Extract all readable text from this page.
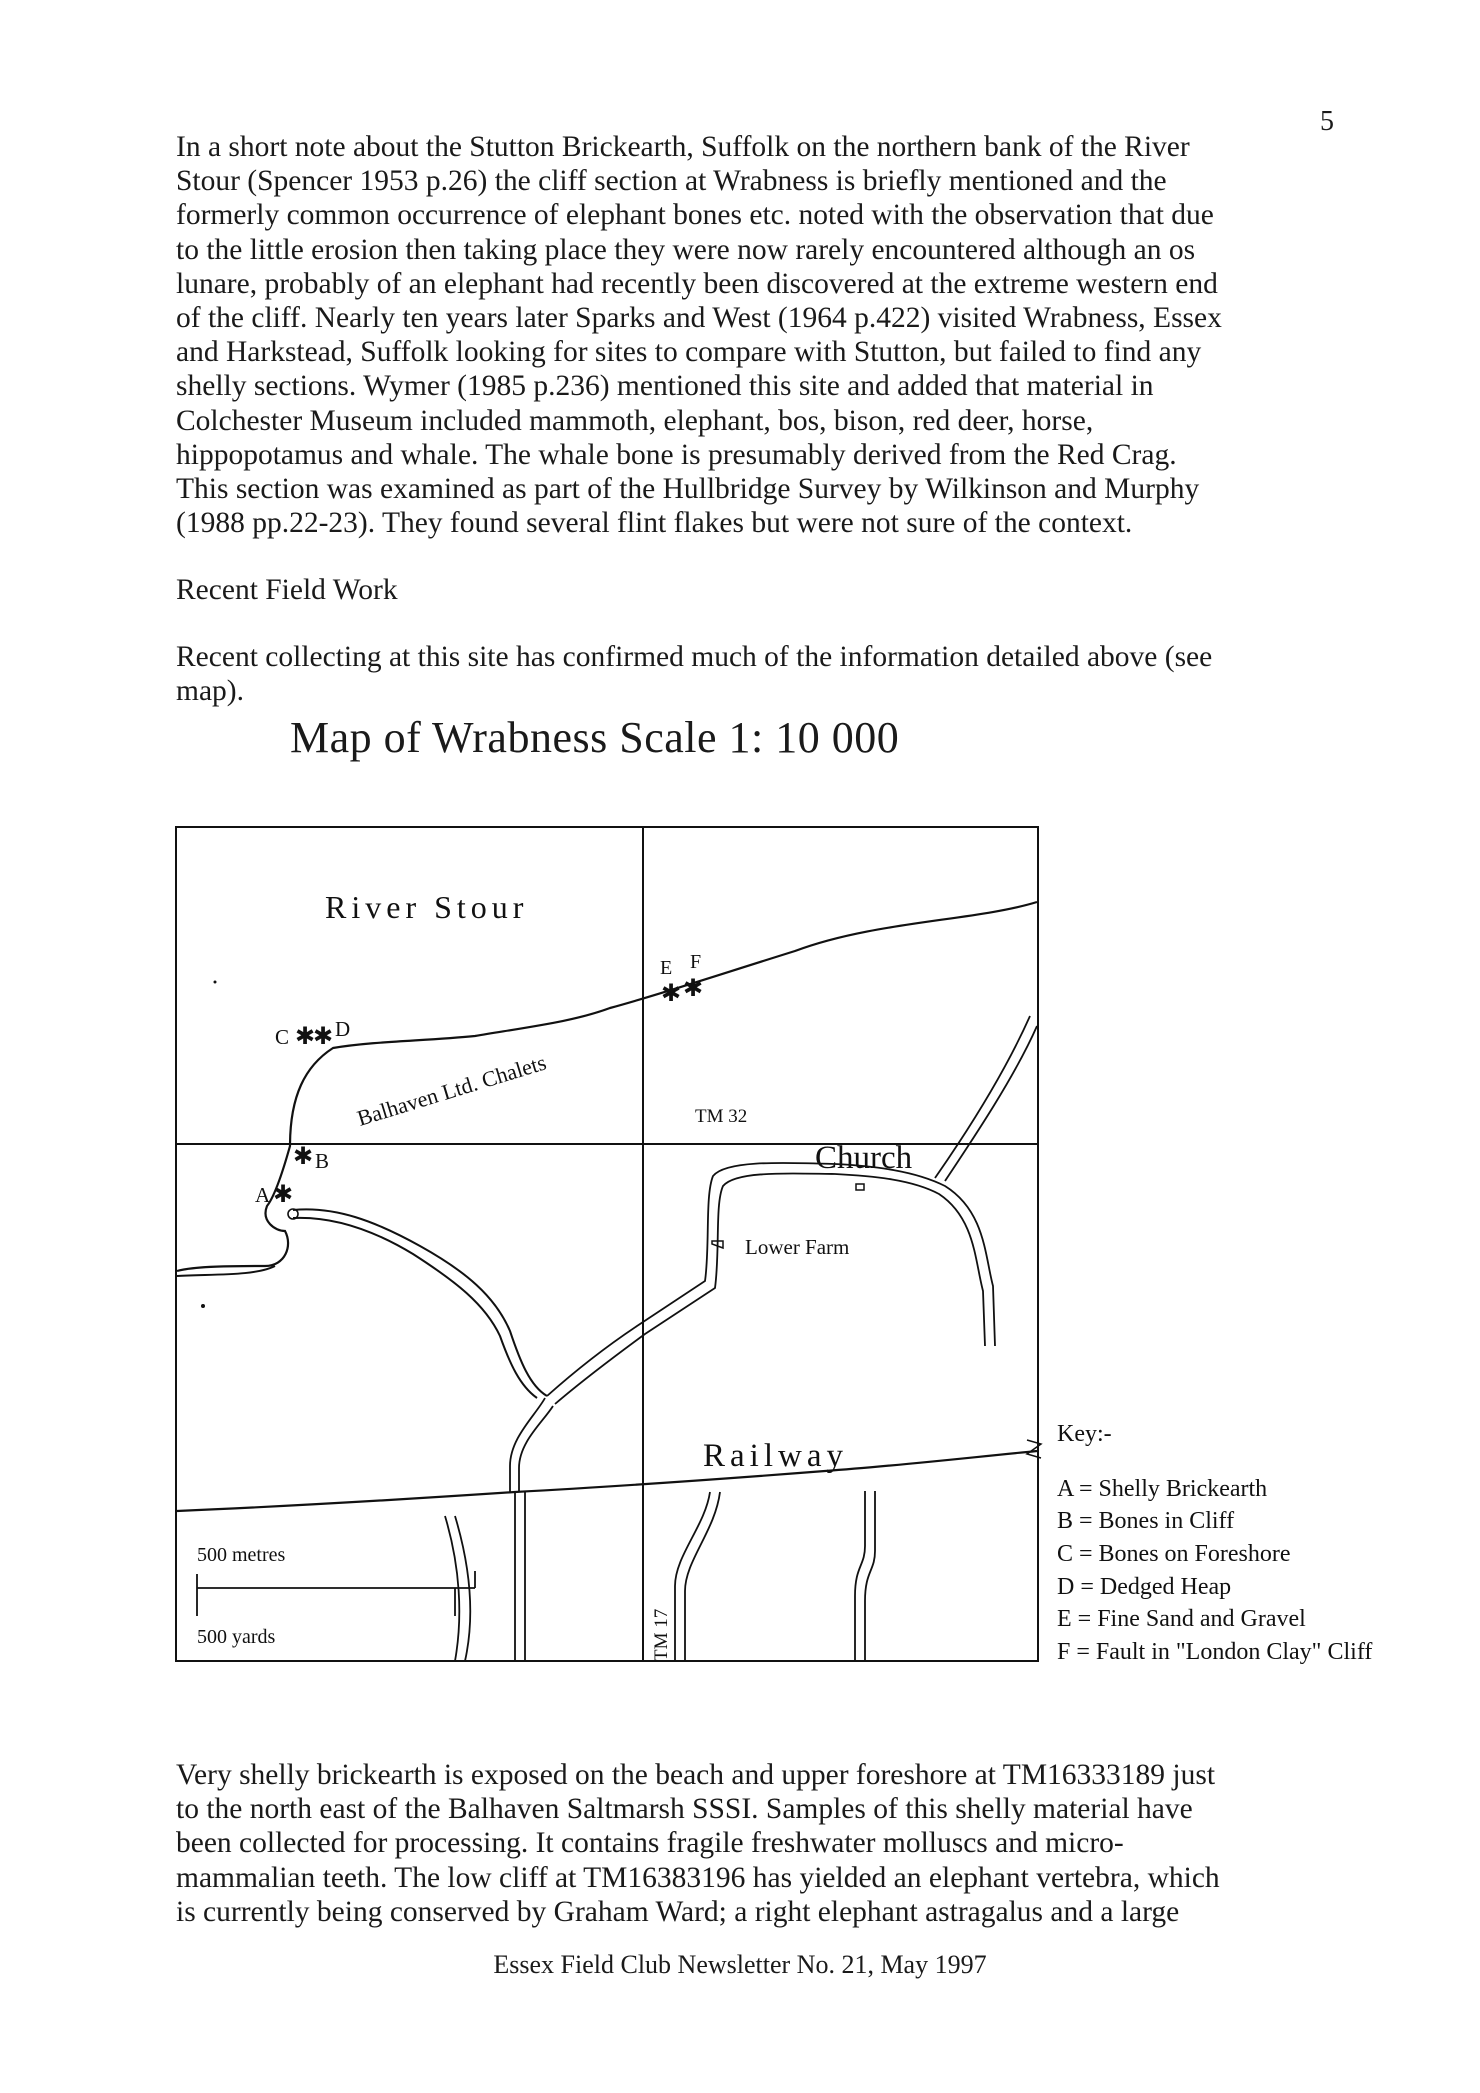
5
In a short note about the Stutton Brickearth, Suffolk on the northern bank of the River
Stour (Spencer 1953 p.26) the cliff section at Wrabness is briefly mentioned and the
formerly common occurrence of elephant bones etc. noted with the observation that due
to the little erosion then taking place they were now rarely encountered although an os
lunare, probably of an elephant had recently been discovered at the extreme western end
of the cliff. Nearly ten years later Sparks and West (1964 p.422) visited Wrabness, Essex
and Harkstead, Suffolk looking for sites to compare with Stutton, but failed to find any
shelly sections. Wymer (1985 p.236) mentioned this site and added that material in
Colchester Museum included mammoth, elephant, bos, bison, red deer, horse,
hippopotamus and whale. The whale bone is presumably derived from the Red Crag.
This section was examined as part of the Hullbridge Survey by Wilkinson and Murphy
(1988 pp.22-23). They found several flint flakes but were not sure of the context.
Recent Field Work
Recent collecting at this site has confirmed much of the information detailed above (see
map).
Map of Wrabness Scale 1: 10 000
✱
✱
✱
✱
✱ ✱
A
B
C D
E F
River Stour
Balhaven Ltd. Chalets	TM 32
Church
Lower Farm
Railway
TM 17
500 metres
500 yards
Key:-
A = Shelly Brickearth
B = Bones in Cliff
C = Bones on Foreshore
D = Dedged Heap
E = Fine Sand and Gravel
F = Fault in "London Clay" Cliff
Very shelly brickearth is exposed on the beach and upper foreshore at TM16333189 just
to the north east of the Balhaven Saltmarsh SSSI. Samples of this shelly material have
been collected for processing. It contains fragile freshwater molluscs and micro-
mammalian teeth. The low cliff at TM16383196 has yielded an elephant vertebra, which
is currently being conserved by Graham Ward; a right elephant astragalus and a large
Essex Field Club Newsletter No. 21, May 1997
